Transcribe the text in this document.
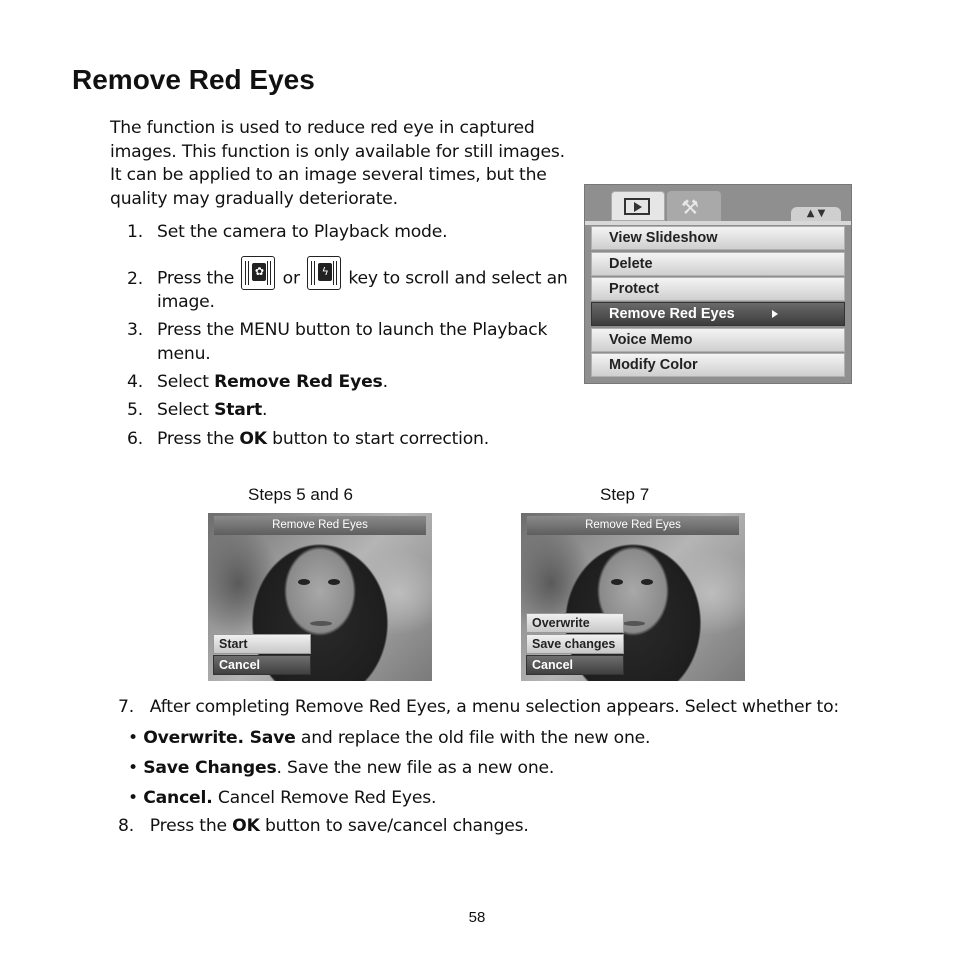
Remove Red Eyes

The function is used to reduce red eye in captured images. This function is only available for still images. It can be applied to an image several times, but the quality may gradually deteriorate.

1. Set the camera to Playback mode.
2. Press the ✿ or	ϟ key to scroll and select an image.
3. Press the MENU button to launch the Playback menu.
4. Select Remove Red Eyes.
5. Select Start.
6. Press the OK button to start correction.
⚒	▲ ▼
View Slideshow
Delete
Protect
Remove Red Eyes
Voice Memo
Modify Color
Steps 5 and 6	Step 7
Remove Red Eyes
Start
Cancel
Remove Red Eyes
Overwrite
Save changes
Cancel
7. After completing Remove Red Eyes, a menu selection appears. Select whether to:
• Overwrite. Save and replace the old file with the new one.
• Save Changes. Save the new file as a new one.
• Cancel. Cancel Remove Red Eyes.
8. Press the OK button to save/cancel changes.
58
